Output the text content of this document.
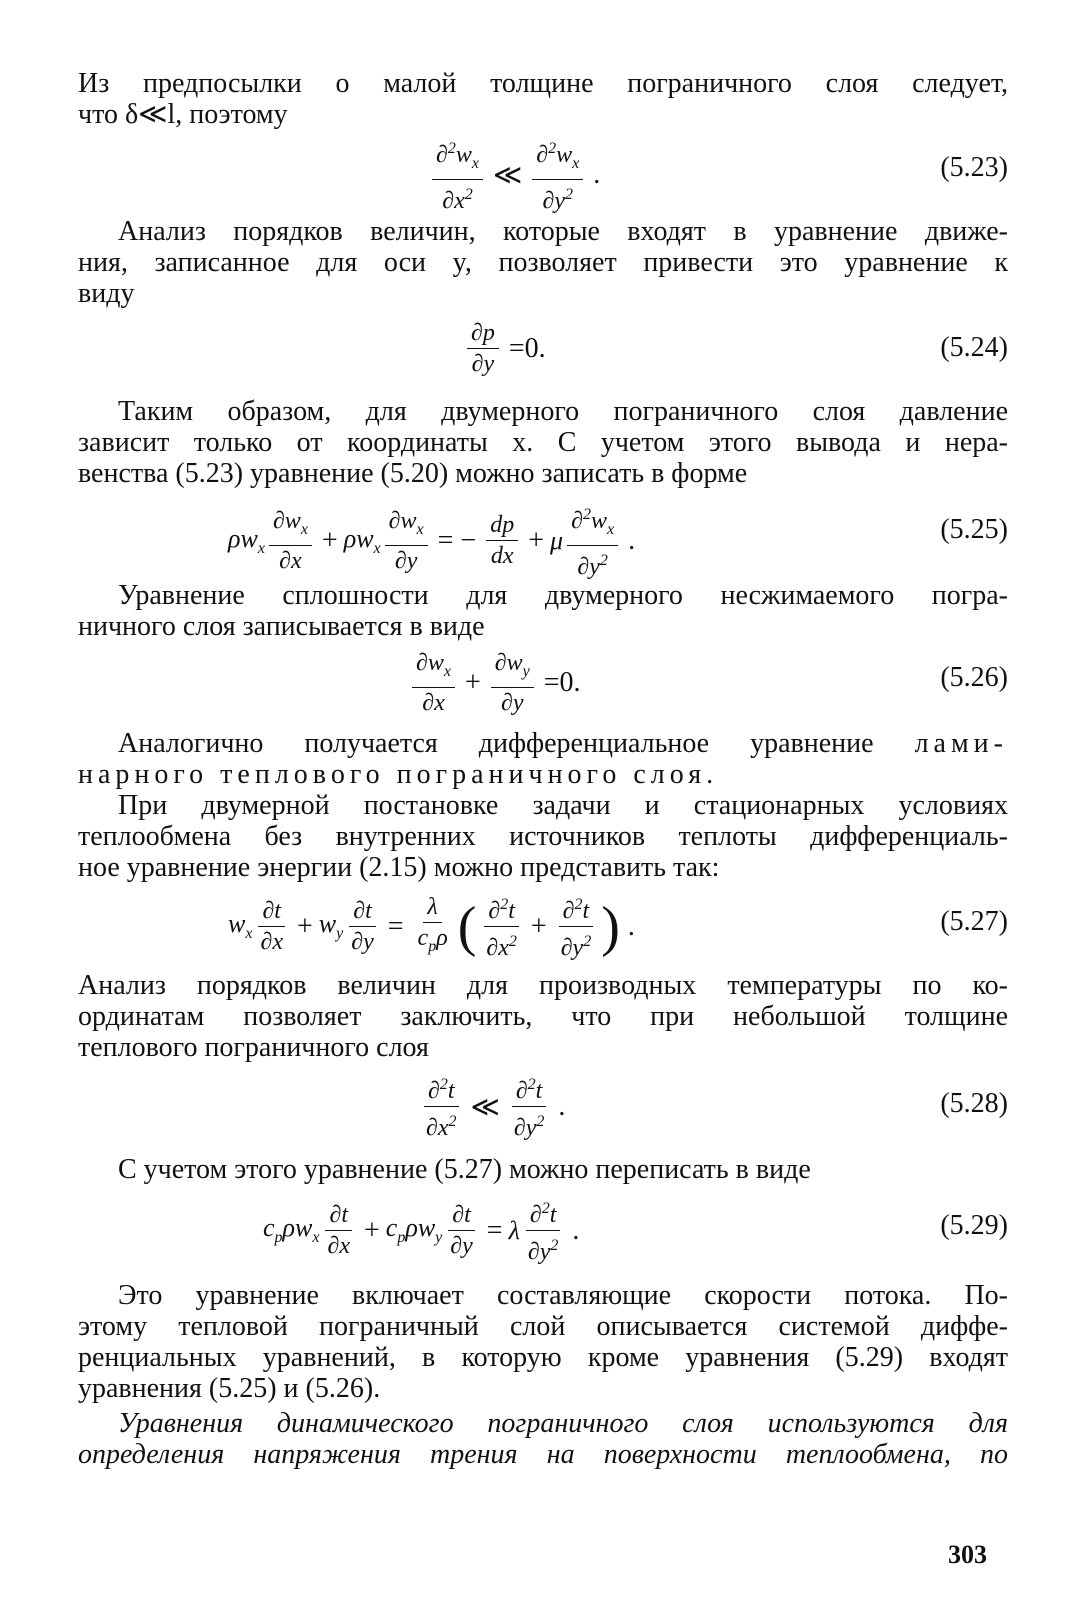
Из предпосылки о малой толщине пограничного слоя следует,
что δ≪l, поэтому
$\frac{\partial^2w_x}{\partial x^2}$ ≪ $\frac{\partial^2w_x}{\partial y^2}$ .	(5.23)
Анализ порядков величин, которые входят в уравнение движе-
ния, записанное для оси y, позволяет привести это уравнение к
виду
$\frac{\partial p}{\partial y} =0$.	(5.24)
Таким образом, для двумерного пограничного слоя давление
зависит только от координаты x. С учетом этого вывода и нера-
венства (5.23) уравнение (5.20) можно записать в форме
$\rho w_x \frac{\partial w_x}{\partial x} + \rho w_x \frac{\partial w_x}{\partial y}$ = − $\frac{dp}{dx} + \mu \frac{\partial^2w_x}{\partial y^2}$ .	(5.25)
Уравнение сплошности для двумерного несжимаемого погра-
ничного слоя записывается в виде
$\frac{\partial w_x}{\partial x} + \frac{\partial w_y}{\partial y} =0$.	(5.26)
Аналогично получается дифференциальное уравнение лами-
нарного теплового пограничного слоя.
При двумерной постановке задачи и стационарных условиях
теплообмена без внутренних источников теплоты дифференциаль-
ное уравнение энергии (2.15) можно представить так:
$w_x \frac{\partial t}{\partial x} + w_y \frac{\partial t}{\partial y} = \frac{\lambda}{c_p\rho}$ ( $\frac{\partial^2t}{\partial x^2} + \frac{\partial^2t}{\partial y^2}$ ) .	(5.27)
Анализ порядков величин для производных температуры по ко-
ординатам позволяет заключить, что при небольшой толщине
теплового пограничного слоя
$\frac{\partial^2t}{\partial x^2}$ ≪ $\frac{\partial^2t}{\partial y^2}$ .	(5.28)
С учетом этого уравнение (5.27) можно переписать в виде
$c_p\rho w_x \frac{\partial t}{\partial x} + c_p\rho w_y \frac{\partial t}{\partial y} = \lambda \frac{\partial^2t}{\partial y^2}$ .	(5.29)
Это уравнение включает составляющие скорости потока. По-
этому тепловой пограничный слой описывается системой диффе-
ренциальных уравнений, в которую кроме уравнения (5.29) входят
уравнения (5.25) и (5.26).
Уравнения динамического пограничного слоя используются для
определения напряжения трения на поверхности теплообмена, по
303
